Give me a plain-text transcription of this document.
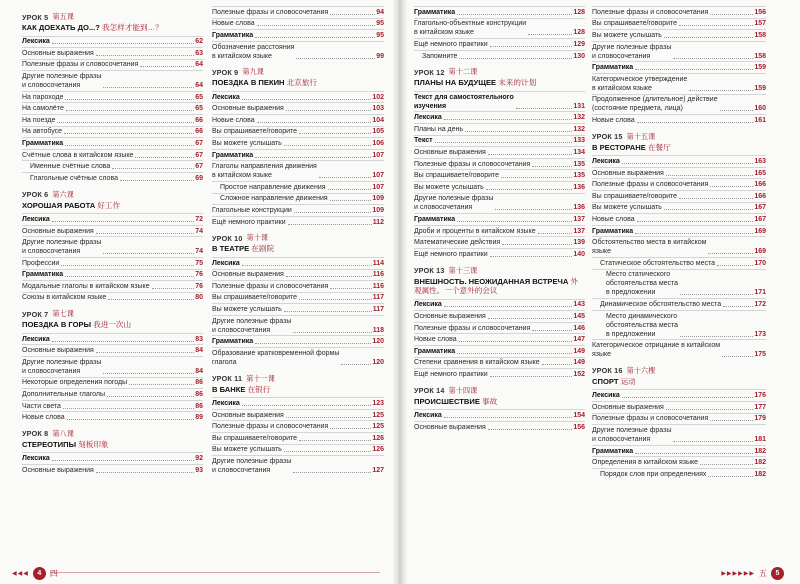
◀◀◀	4	四	▶▶▶▶▶▶ 五	5
УРОК 5 第五课
КАК ДОЕХАТЬ ДО...? 我怎样才能到…？
Лексика	62
Основные выражения	63
Полезные фразы и словосочетания	64
Другие полезные фразы
и словосочетания	64
На пароходе	65
На самолёте	65
На поезде	66
На автобусе	66
Грамматика	67
Счётные слова в китайском языке	67
Именные счётные слова	67
Глагольные счётные слова	69
УРОК 6 第六课
ХОРОШАЯ РАБОТА 好工作
Лексика	72
Основные выражения	74
Другие полезные фразы
и словосочетания	74
Профессии	75
Грамматика	76
Модальные глаголы в китайском языке	76
Союзы в китайском языке	80
УРОК 7 第七课
ПОЕЗДКА В ГОРЫ 我进一次山
Лексика	83
Основные выражения	84
Другие полезные фразы
и словосочетания	84
Некоторые определения погоды	86
Дополнительные глаголы	86
Части света	86
Новые слова	89
УРОК 8 第八课
СТЕРЕОТИПЫ 刻板印象
Лексика	92
Основные выражения	93
Полезные фразы и словосочетания	94
Новые слова	95
Грамматика	95
Обозначение расстояния
в китайском языке	99
УРОК 9 第九课
ПОЕЗДКА В ПЕКИН 北京旅行
Лексика	102
Основные выражения	103
Новые слова	104
Вы спрашиваете/говорите	105
Вы можете услышать	106
Грамматика	107
Глаголы направления движения
в китайском языке	107
Простое направление движения	107
Сложное направление движения	109
Глагольные конструкции	109
Ещё немного практики	112
УРОК 10 第十课
В ТЕАТРЕ 在剧院
Лексика	114
Основные выражения	116
Полезные фразы и словосочетания	116
Вы спрашиваете/говорите	117
Вы можете услышать	117
Другие полезные фразы
и словосочетания	118
Грамматика	120
Образование кратковременной формы
глагола	120
УРОК 11 第十一课
В БАНКЕ 在银行
Лексика	123
Основные выражения	125
Полезные фразы и словосочетания	125
Вы спрашиваете/говорите	126
Вы можете услышать	126
Другие полезные фразы
и словосочетания	127
Грамматика	128
Глагольно-объектные конструкции
в китайском языке	128
Ещё немного практики	129
Запомните	130
УРОК 12 第十二课
ПЛАНЫ НА БУДУЩЕЕ 未来的计划
Текст для самостоятельного
изучения	131
Лексика	132
Планы на день	132
Текст	133
Основные выражения	134
Полезные фразы и словосочетания	135
Вы спрашиваете/говорите	135
Вы можете услышать	136
Другие полезные фразы
и словосочетания	136
Грамматика	137
Дроби и проценты в китайском языке	137
Математические действия	139
Ещё немного практики	140
УРОК 13 第十三课
ВНЕШНОСТЬ. НЕОЖИДАННАЯ ВСТРЕЧА 外观属性。一个意外的会议
Лексика	143
Основные выражения	145
Полезные фразы и словосочетания	146
Новые слова	147
Грамматика	149
Степени сравнения в китайском языке	149
Ещё немного практики	152
УРОК 14 第十四课
ПРОИСШЕСТВИЕ 事故
Лексика	154
Основные выражения	156
Полезные фразы и словосочетания	156
Вы спрашиваете/говорите	157
Вы можете услышать	158
Другие полезные фразы
и словосочетания	158
Грамматика	159
Категорическое утверждение
в китайском языке	159
Продолженное (длительное) действие
(состояние предмета, лица)	160
Новые слова	161
УРОК 15 第十五课
В РЕСТОРАНЕ 在餐厅
Лексика	163
Основные выражения	165
Полезные фразы и словосочетания	166
Вы спрашиваете/говорите	166
Вы можете услышать	167
Новые слова	167
Грамматика	169
Обстоятельство места в китайском
языке	169
Статическое обстоятельство места	170
Место статического
обстоятельства места
в предложении	171
Динамическое обстоятельство места	172
Место динамического
обстоятельства места
в предложении	173
Категорическое отрицание в китайском
языке	175
УРОК 16 第十六棵
СПОРТ 运动
Лексика	176
Основные выражения	177
Полезные фразы и словосочетания	179
Другие полезные фразы
и словосочетания	181
Грамматика	182
Определения в китайском языке	182
Порядок слов при определениях	182
